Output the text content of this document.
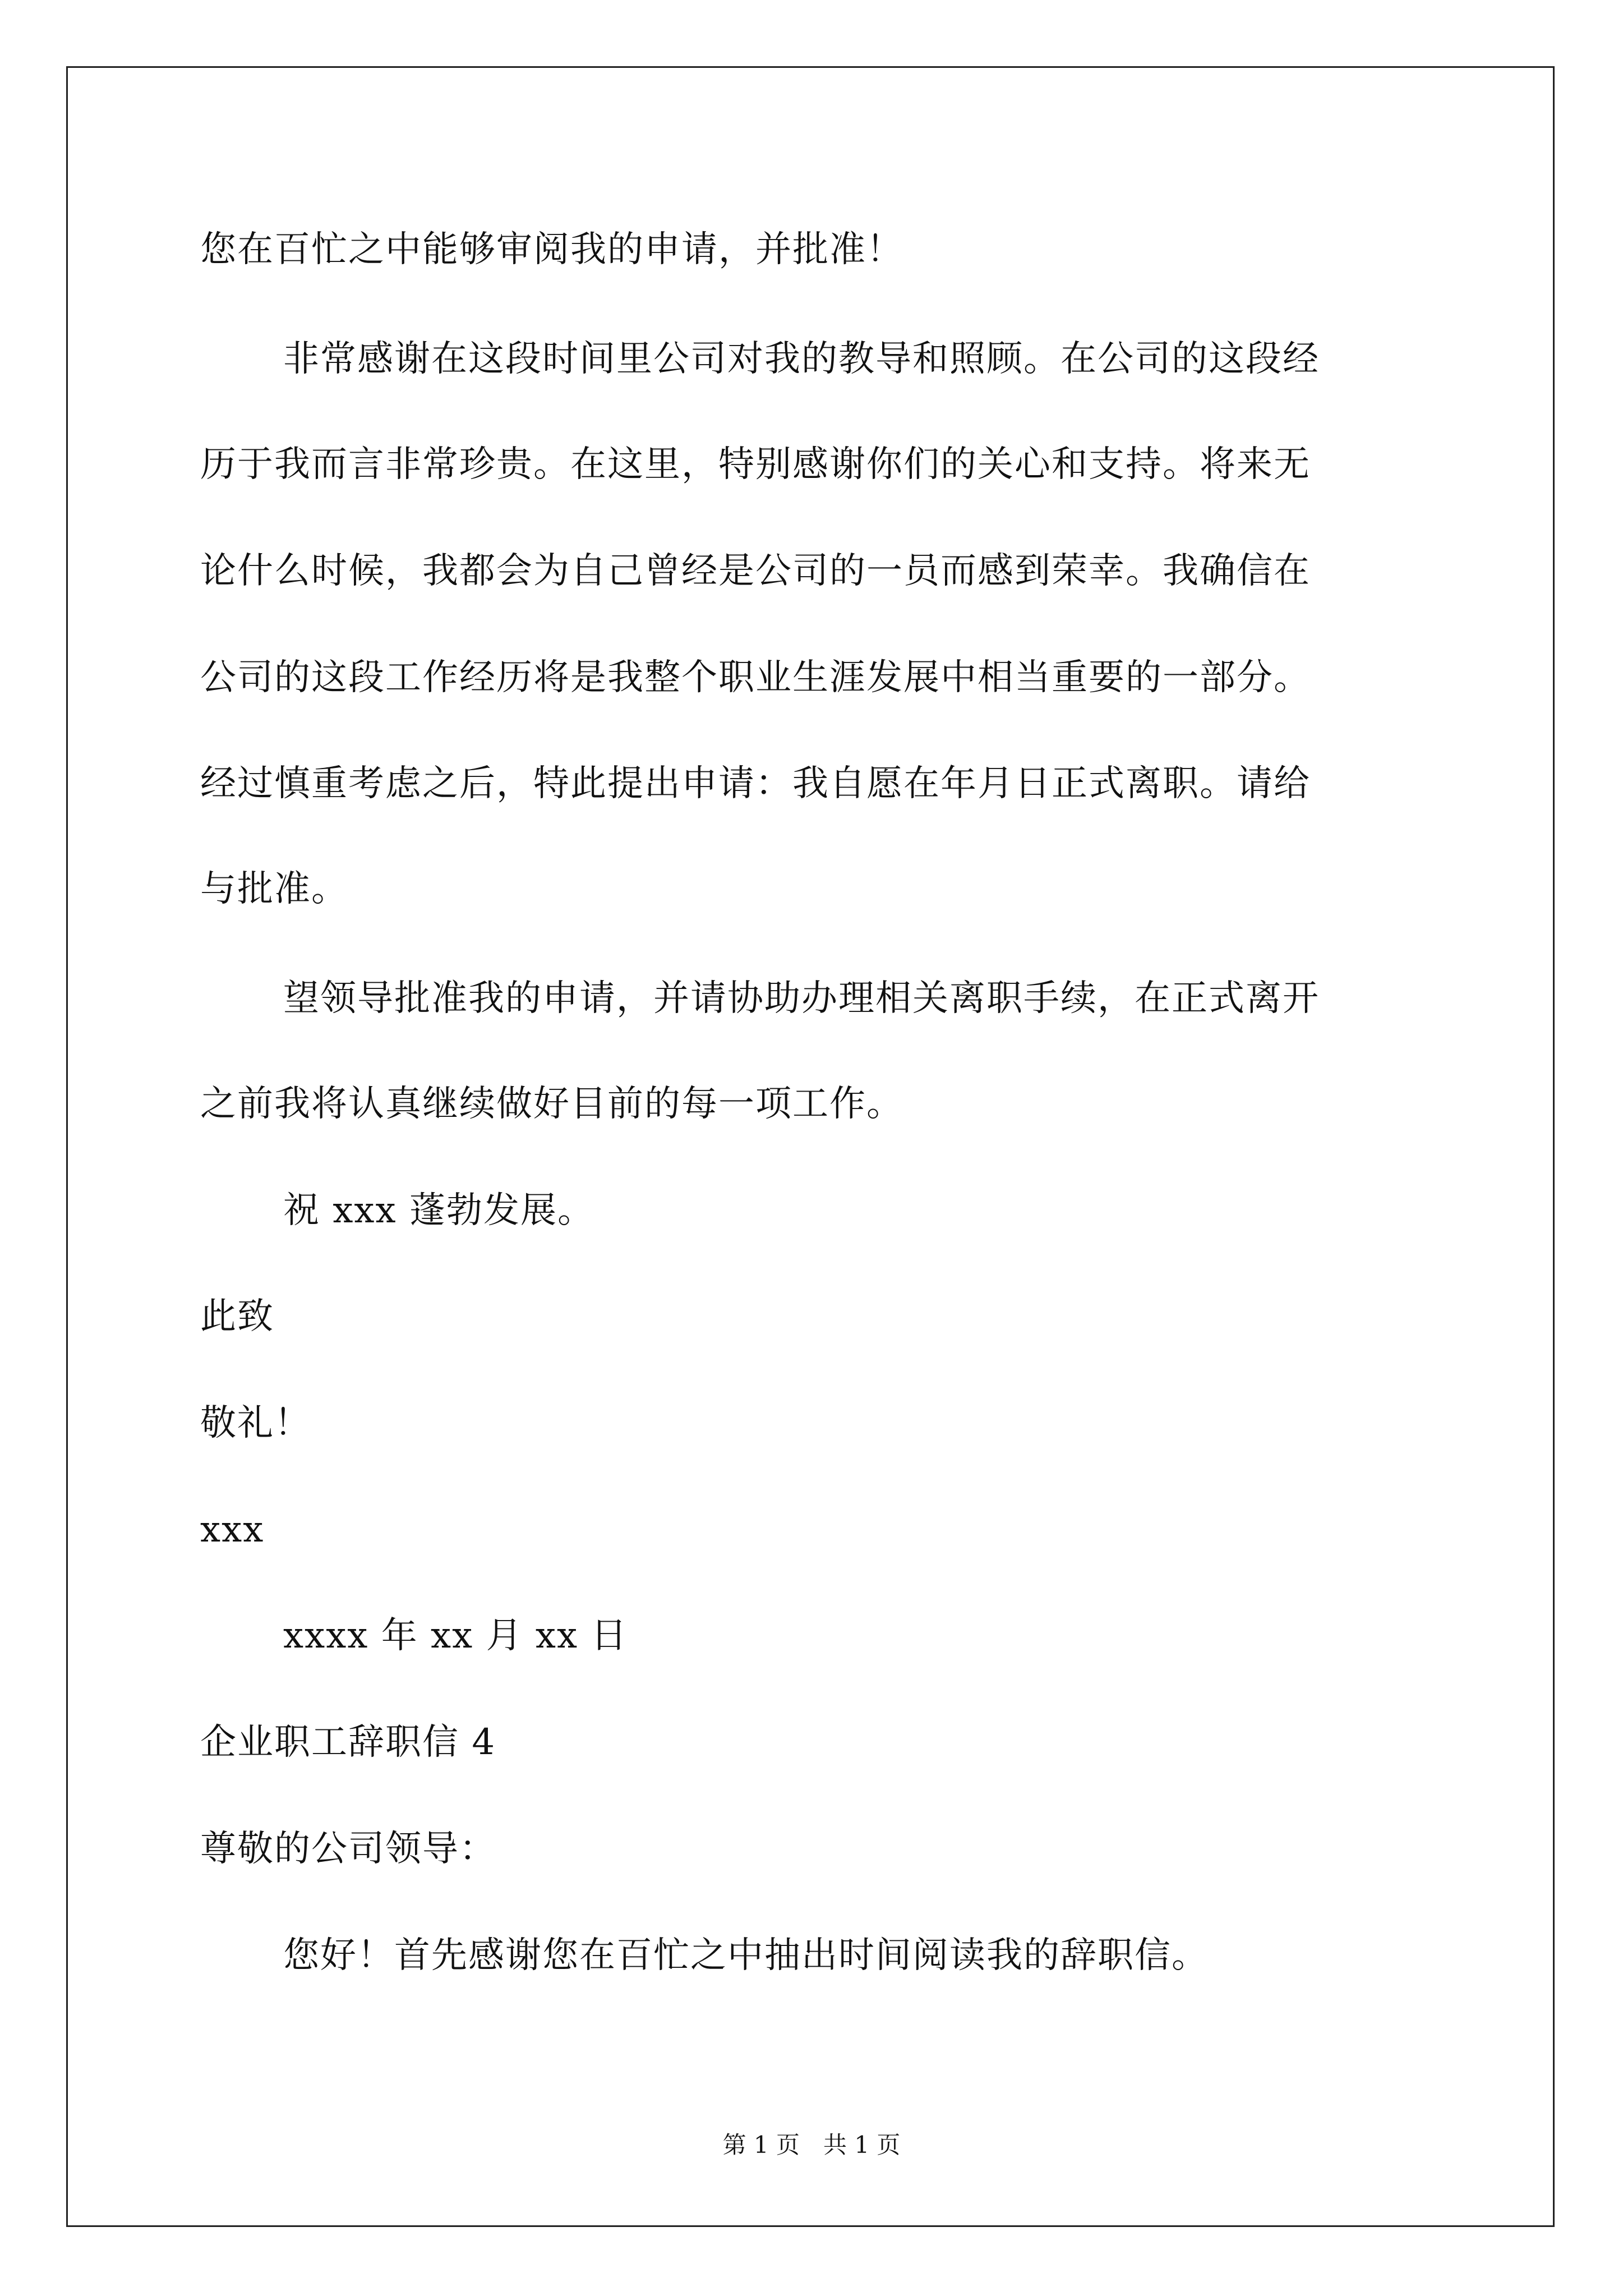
您在百忙之中能够审阅我的申请，并批准！
非常感谢在这段时间里公司对我的教导和照顾。在公司的这段经
历于我而言非常珍贵。在这里，特别感谢你们的关心和支持。将来无
论什么时候，我都会为自己曾经是公司的一员而感到荣幸。我确信在
公司的这段工作经历将是我整个职业生涯发展中相当重要的一部分。
经过慎重考虑之后，特此提出申请：我自愿在年月日正式离职。请给
与批准。
望领导批准我的申请，并请协助办理相关离职手续，在正式离开
之前我将认真继续做好目前的每一项工作。
祝 xxx 蓬勃发展。
此致
敬礼！
xxx
xxxx 年 xx 月 xx 日
企业职工辞职信 4
尊敬的公司领导：
您好！首先感谢您在百忙之中抽出时间阅读我的辞职信。
第 1 页　共 1 页
